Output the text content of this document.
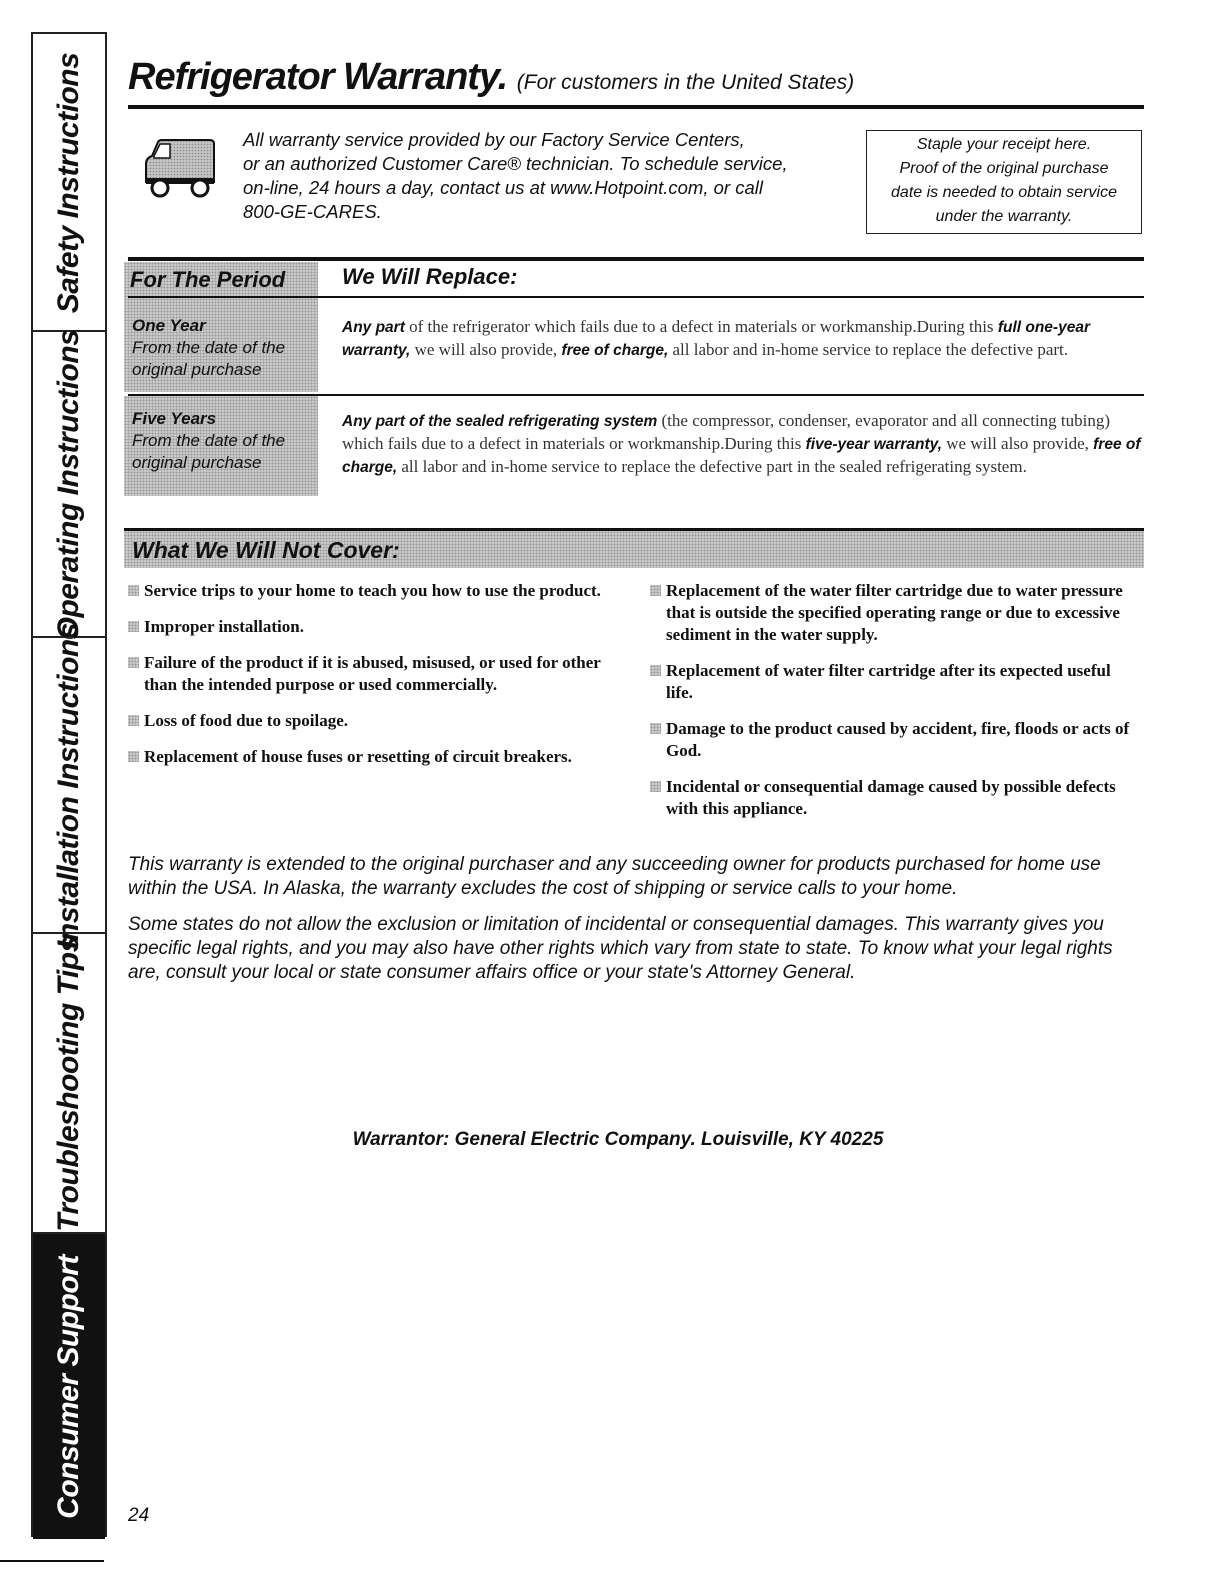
Safety Instructions
Operating Instructions
Installation Instructions
Troubleshooting Tips
Consumer Support
Refrigerator Warranty. (For customers in the United States)
All warranty service provided by our Factory Service Centers,
or an authorized Customer Care® technician. To schedule service,
on-line, 24 hours a day, contact us at www.Hotpoint.com, or call
800-GE-CARES.
Staple your receipt here.
Proof of the original purchase
date is needed to obtain service
under the warranty.
For The Period	We Will Replace:
One Year
From the date of the
original purchase
Any part of the refrigerator which fails due to a defect in materials or workmanship.During this full one-year warranty, we will also provide, free of charge, all labor and in-home service to replace the defective part.
Five Years
From the date of the
original purchase
Any part of the sealed refrigerating system (the compressor, condenser, evaporator and all connecting tubing) which fails due to a defect in materials or workmanship.During this five-year warranty, we will also provide, free of charge, all labor and in-home service to replace the defective part in the sealed refrigerating system.
What We Will Not Cover:
Service trips to your home to teach you how to use the product.
Improper installation.
Failure of the product if it is abused, misused, or used for other than the intended purpose or used commercially.
Loss of food due to spoilage.
Replacement of house fuses or resetting of circuit breakers.
Replacement of the water filter cartridge due to water pressure that is outside the specified operating range or due to excessive sediment in the water supply.
Replacement of water filter cartridge after its expected useful life.
Damage to the product caused by accident, fire, floods or acts of God.
Incidental or consequential damage caused by possible defects with this appliance.
This warranty is extended to the original purchaser and any succeeding owner for products purchased for home use within the USA. In Alaska, the warranty excludes the cost of shipping or service calls to your home.
Some states do not allow the exclusion or limitation of incidental or consequential damages. This warranty gives you specific legal rights, and you may also have other rights which vary from state to state. To know what your legal rights are, consult your local or state consumer affairs office or your state's Attorney General.
Warrantor: General Electric Company. Louisville, KY 40225
24
